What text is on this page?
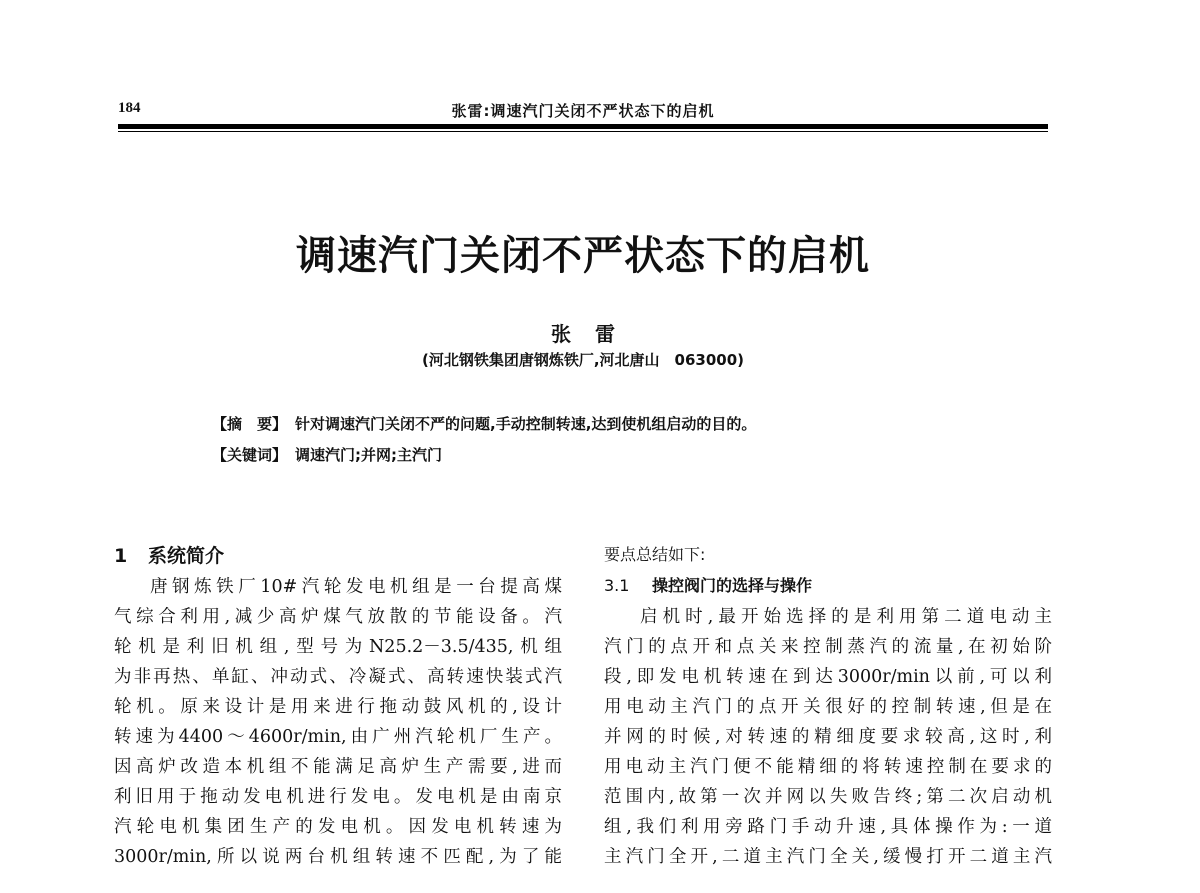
184	张雷:调速汽门关闭不严状态下的启机
调速汽门关闭不严状态下的启机
张雷
(河北钢铁集团唐钢炼铁厂,河北唐山　063000)
【摘　要】 针对调速汽门关闭不严的问题,手动控制转速,达到使机组启动的目的。
【关键词】 调速汽门;并网;主汽门
1 系统简介
唐钢炼铁厂10#汽轮发电机组是一台提高煤
气综合利用,减少高炉煤气放散的节能设备。汽
轮机是利旧机组,型号为N25.2－3.5/435,机组
为非再热、单缸、冲动式、冷凝式、高转速快装式汽
轮机。原来设计是用来进行拖动鼓风机的,设计
转速为4400～4600r/min,由广州汽轮机厂生产。
因高炉改造本机组不能满足高炉生产需要,进而
利旧用于拖动发电机进行发电。发电机是由南京
汽轮电机集团生产的发电机。因发电机转速为
3000r/min,所以说两台机组转速不匹配,为了能
要点总结如下:
3.1 操控阀门的选择与操作
启机时,最开始选择的是利用第二道电动主
汽门的点开和点关来控制蒸汽的流量,在初始阶
段,即发电机转速在到达3000r/min以前,可以利
用电动主汽门的点开关很好的控制转速,但是在
并网的时候,对转速的精细度要求较高,这时,利
用电动主汽门便不能精细的将转速控制在要求的
范围内,故第一次并网以失败告终;第二次启动机
组,我们利用旁路门手动升速,具体操作为:一道
主汽门全开,二道主汽门全关,缓慢打开二道主汽
